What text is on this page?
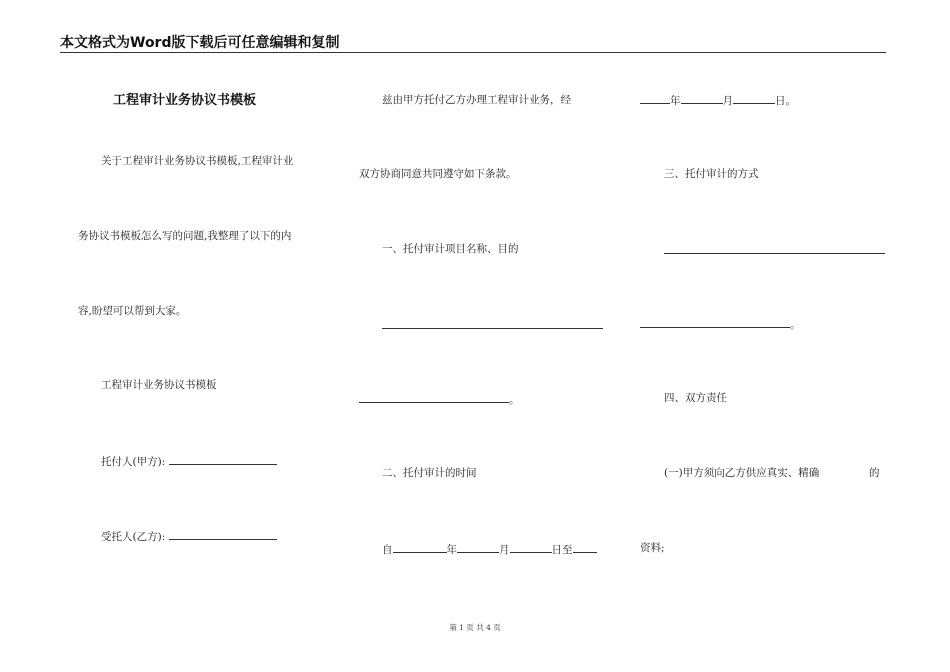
本文格式为Word版下载后可任意编辑和复制
工程审计业务协议书模板
关于工程审计业务协议书模板,工程审计业
务协议书模板怎么写的问题,我整理了以下的内
容,盼望可以帮到大家。
工程审计业务协议书模板
托付人(甲方):
受托人(乙方):
兹由甲方托付乙方办理工程审计业务，经
双方协商同意共同遵守如下条款。
一、托付审计项目名称、目的
。
二、托付审计的时间
自	年	月	日至
年	月	日。
三、托付审计的方式
。
四、双方责任
(一)甲方须向乙方供应真实、精确	的
资料;
第 1 页 共 4 页
